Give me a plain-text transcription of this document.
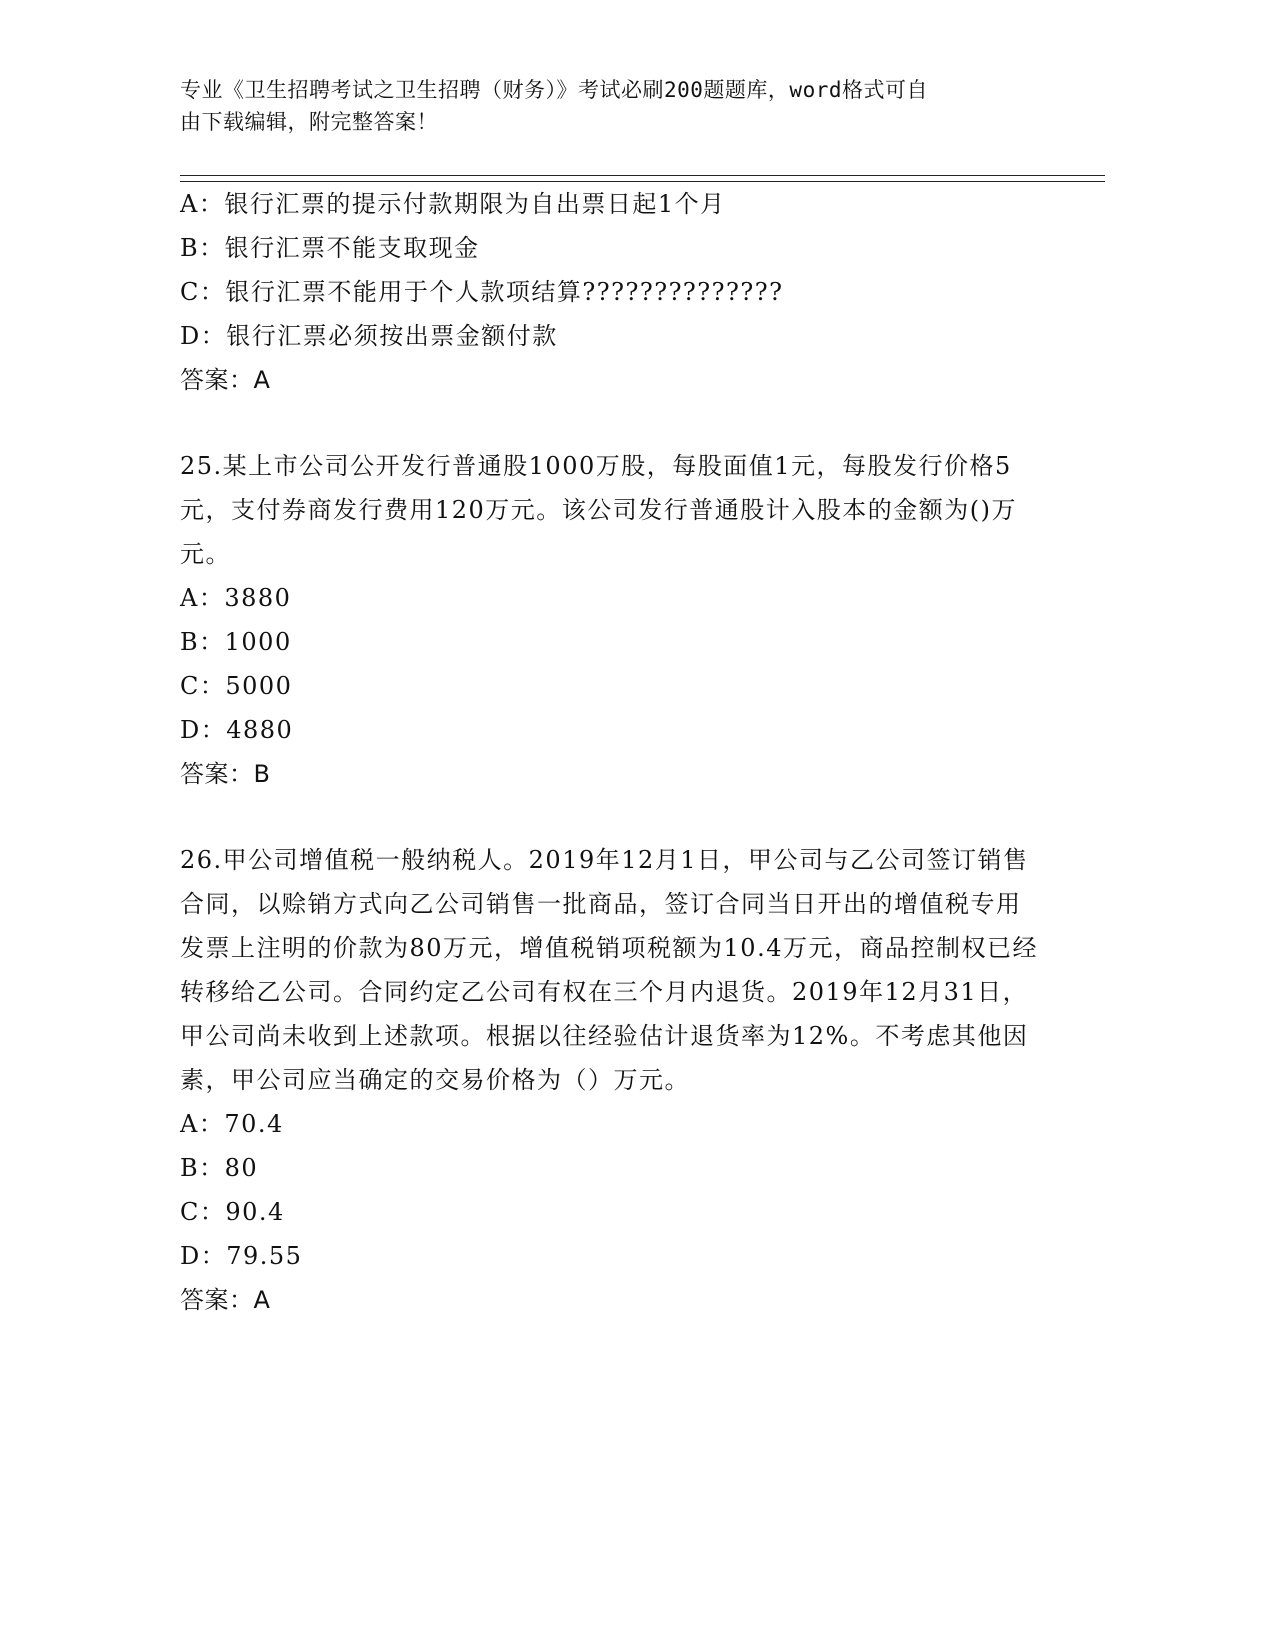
专业《卫生招聘考试之卫生招聘（财务）》考试必刷200题题库，word格式可自
由下载编辑，附完整答案！
A：银行汇票的提示付款期限为自出票日起1个月
B：银行汇票不能支取现金
C：银行汇票不能用于个人款项结算??????????????
D：银行汇票必须按出票金额付款
答案：A
25.某上市公司公开发行普通股1000万股，每股面值1元，每股发行价格5元，支付券商发行费用120万元。该公司发行普通股计入股本的金额为()万元。
A：3880
B：1000
C：5000
D：4880
答案：B
26.甲公司增值税一般纳税人。2019年12月1日，甲公司与乙公司签订销售合同，以赊销方式向乙公司销售一批商品，签订合同当日开出的增值税专用发票上注明的价款为80万元，增值税销项税额为10.4万元，商品控制权已经转移给乙公司。合同约定乙公司有权在三个月内退货。2019年12月31日，甲公司尚未收到上述款项。根据以往经验估计退货率为12%。不考虑其他因素，甲公司应当确定的交易价格为（）万元。
A：70.4
B：80
C：90.4
D：79.55
答案：A
